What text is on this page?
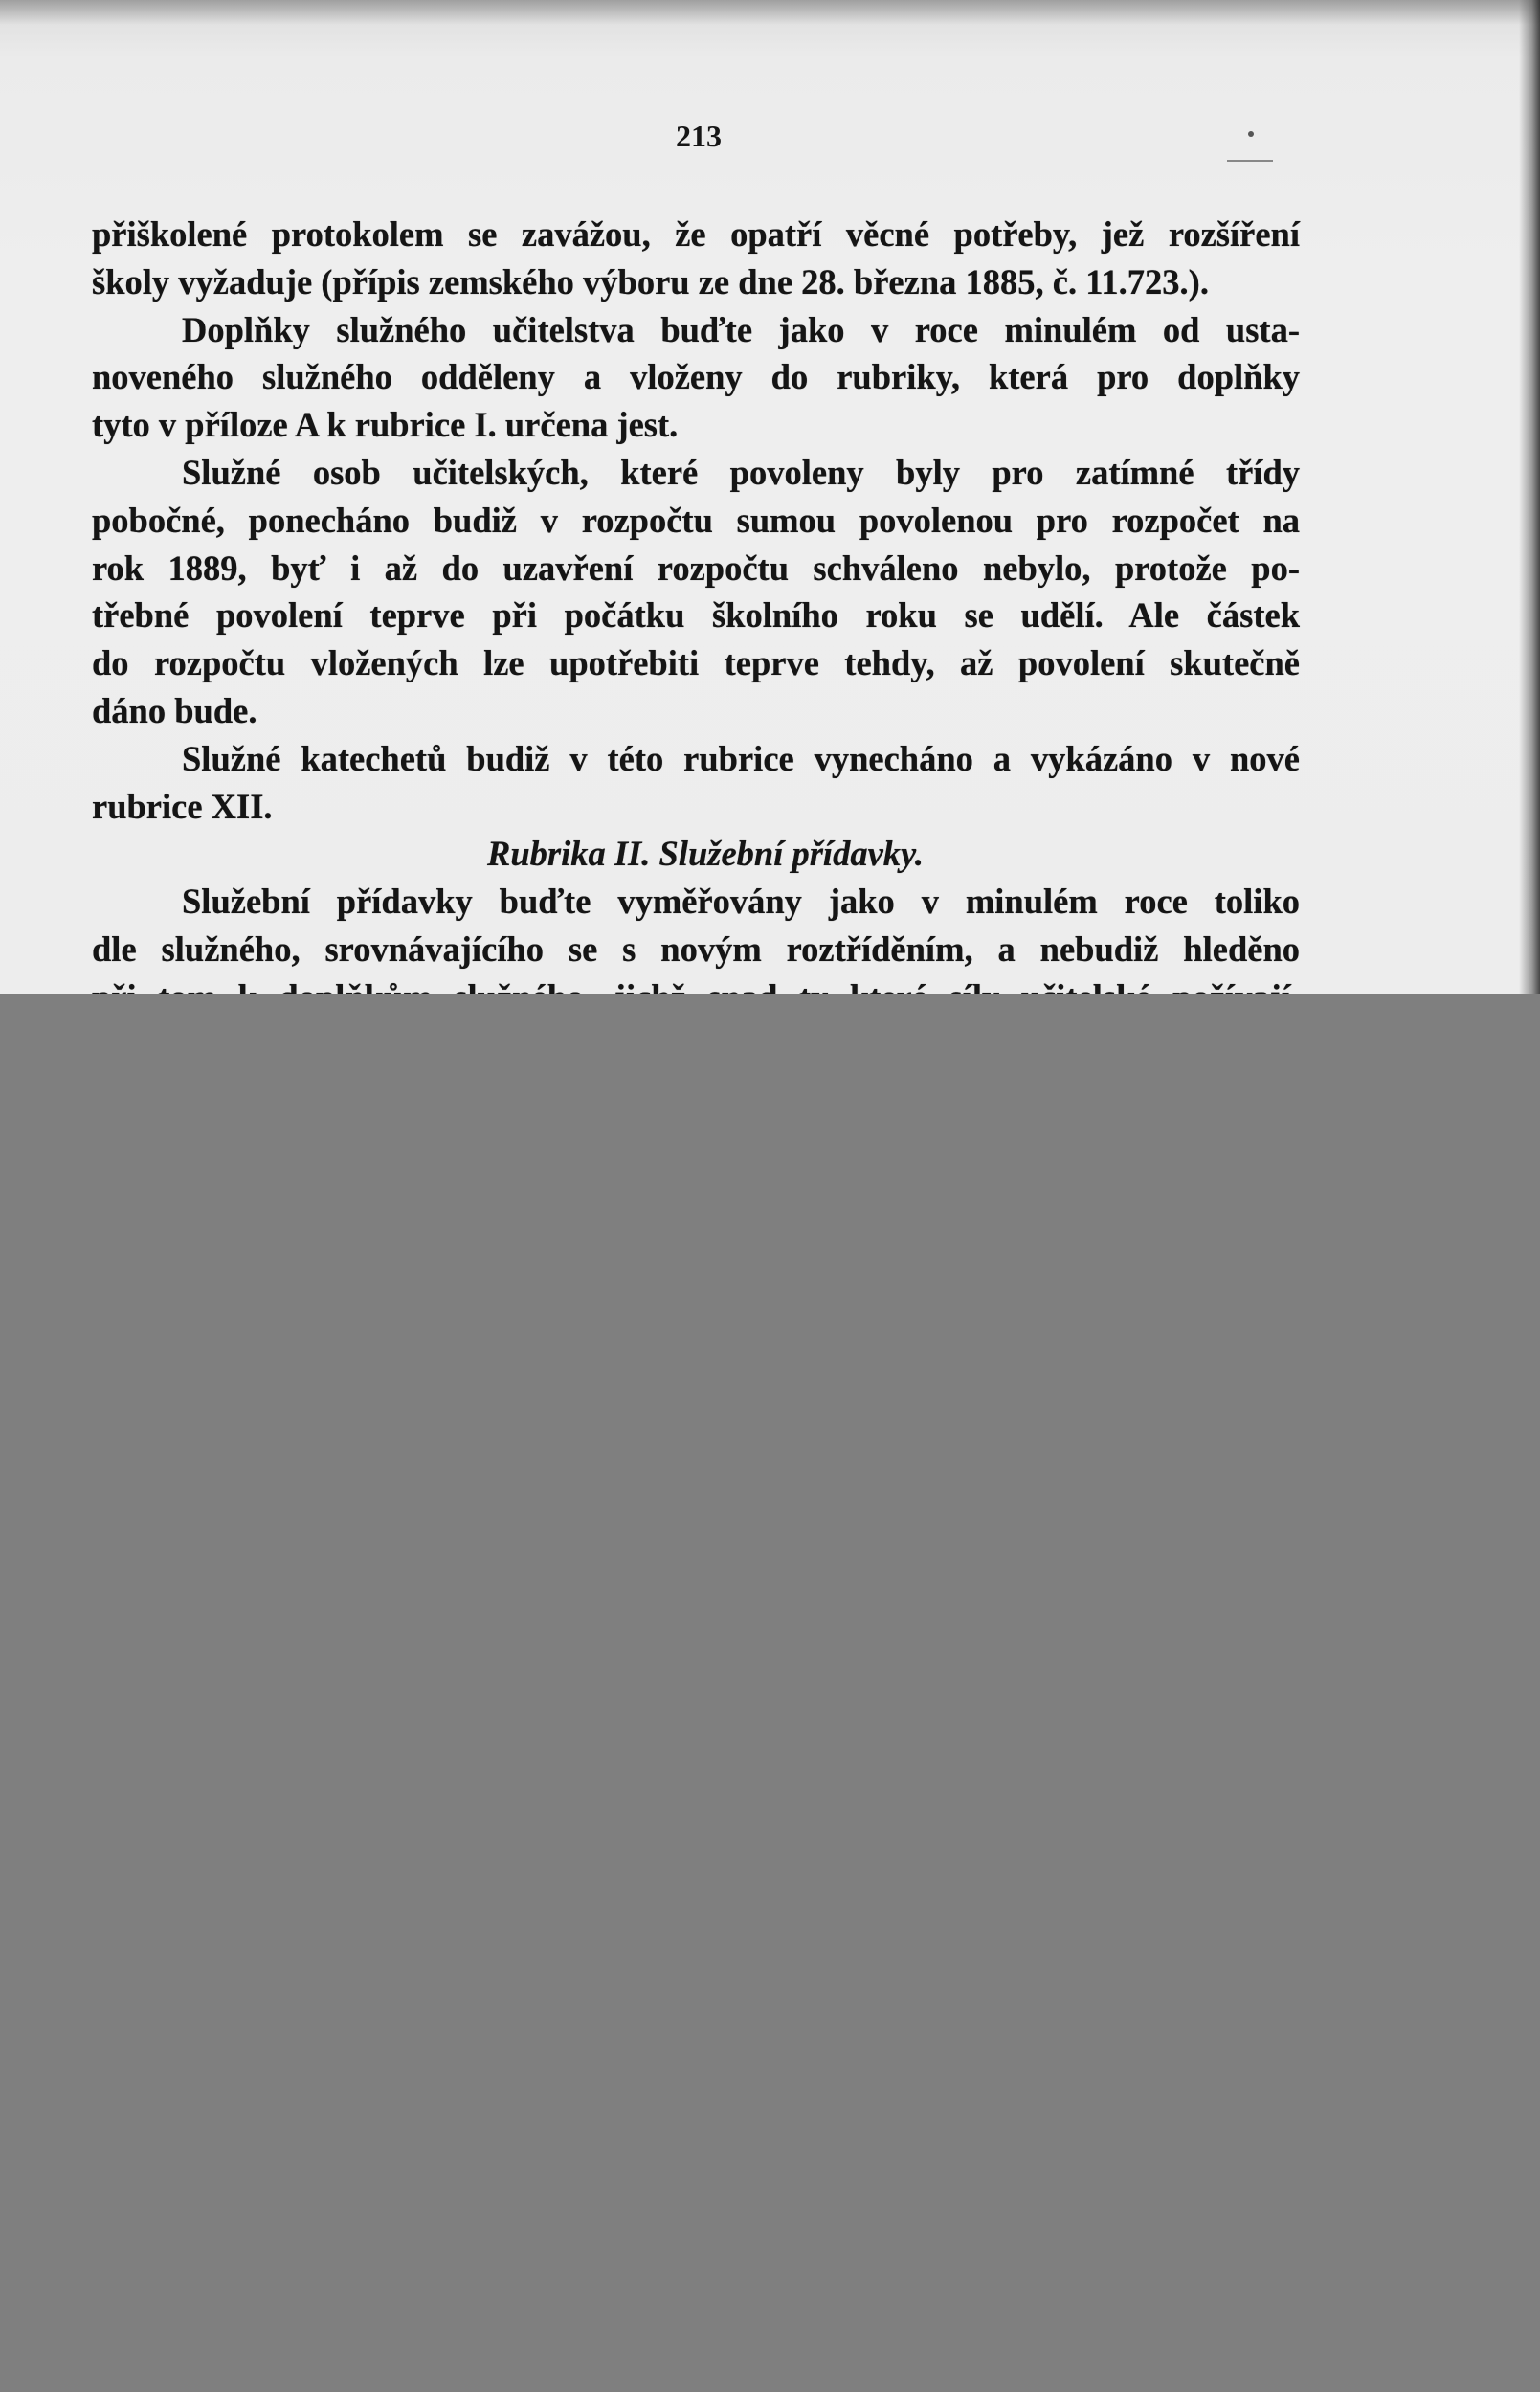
213
přiškolené protokolem se zavážou, že opatří věcné potřeby, jež rozšíření
školy vyžaduje (přípis zemského výboru ze dne 28. března 1885, č. 11.723.).
Doplňky služného učitelstva buďte jako v roce minulém od usta-
noveného služného odděleny a vloženy do rubriky, která pro doplňky
tyto v příloze A k rubrice I. určena jest.
Služné osob učitelských, které povoleny byly pro zatímné třídy
pobočné, ponecháno budiž v rozpočtu sumou povolenou pro rozpočet na
rok 1889, byť i až do uzavření rozpočtu schváleno nebylo, protože po-
třebné povolení teprve při počátku školního roku se udělí. Ale částek
do rozpočtu vložených lze upotřebiti teprve tehdy, až povolení skutečně
dáno bude.
Služné katechetů budiž v této rubrice vynecháno a vykázáno v nové
rubrice XII.
Rubrika II. Služební přídavky.
Služební přídavky buďte vyměřovány jako v minulém roce toliko
dle služného, srovnávajícího se s novým roztříděním, a nebudiž hleděno
